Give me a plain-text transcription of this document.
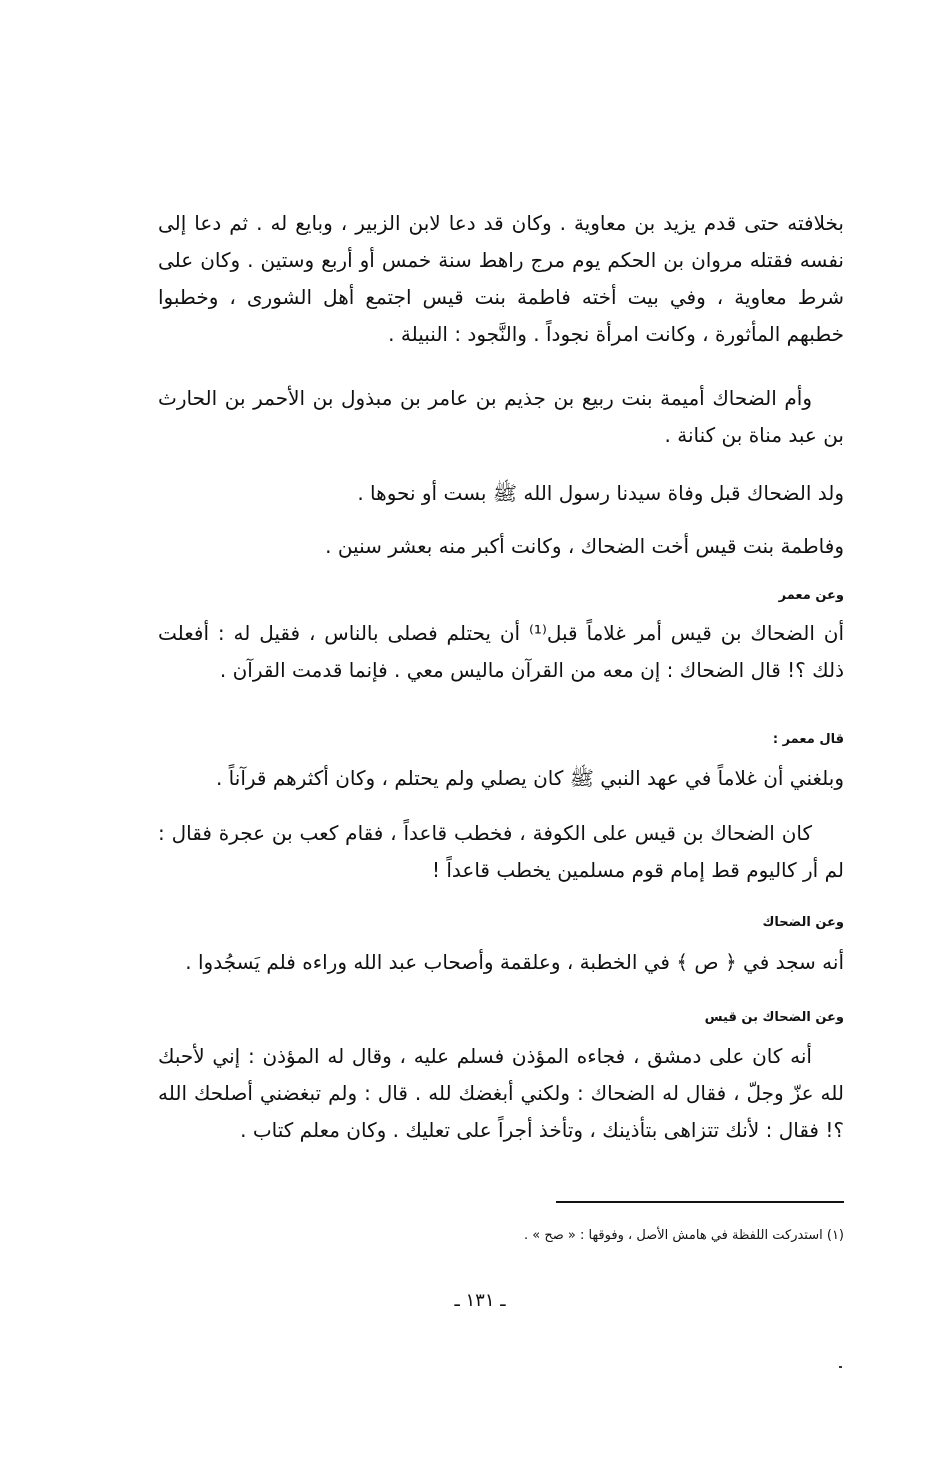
بخلافته حتى قدم يزيد بن معاوية . وكان قد دعا لابن الزبير ، وبايع له . ثم دعا إلى نفسه فقتله مروان بن الحكم يوم مرج راهط سنة خمس أو أربع وستين . وكان على شرط معاوية ، وفي بيت أخته فاطمة بنت قيس اجتمع أهل الشورى ، وخطبوا خطبهم المأثورة ، وكانت امرأة نجوداً . والنَّجود : النبيلة .

وأم الضحاك أميمة بنت ربيع بن جذيم بن عامر بن مبذول بن الأحمر بن الحارث بن عبد مناة بن كنانة .

ولد الضحاك قبل وفاة سيدنا رسول الله ﷺ بست أو نحوها .
وفاطمة بنت قيس أخت الضحاك ، وكانت أكبر منه بعشر سنين .
وعن معمر

أن الضحاك بن قيس أمر غلاماً قبل⁽¹⁾ أن يحتلم فصلى بالناس ، فقيل له : أفعلت ذلك ؟! قال الضحاك : إن معه من القرآن ماليس معي . فإنما قدمت القرآن .

قال معمر :
وبلغني أن غلاماً في عهد النبي ﷺ كان يصلي ولم يحتلم ، وكان أكثرهم قرآناً .

كان الضحاك بن قيس على الكوفة ، فخطب قاعداً ، فقام كعب بن عجرة فقال : لم أر كاليوم قط إمام قوم مسلمين يخطب قاعداً !

وعن الضحاك
أنه سجد في ﴿ ص ﴾ في الخطبة ، وعلقمة وأصحاب عبد الله وراءه فلم يَسجُدوا .
وعن الضحاك بن قيس

أنه كان على دمشق ، فجاءه المؤذن فسلم عليه ، وقال له المؤذن : إني لأحبك لله عزّ وجلّ ، فقال له الضحاك : ولكني أبغضك لله . قال : ولم تبغضني أصلحك الله ؟! فقال : لأنك تتزاهى بتأذينك ، وتأخذ أجراً على تعليك . وكان معلم كتاب .

(١) استدركت اللفظة في هامش الأصل ، وفوقها : « صح » .
ـ ١٣١ ـ
